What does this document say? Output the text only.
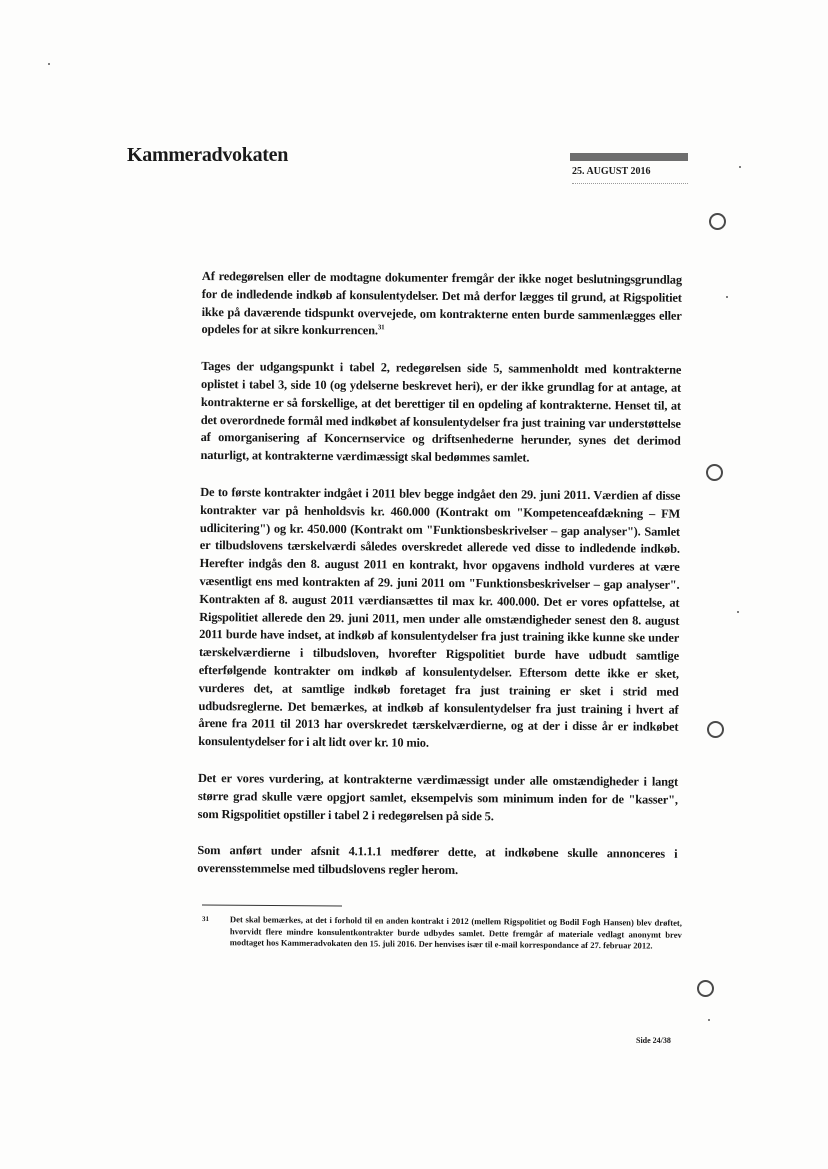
Kammeradvokaten
25. AUGUST 2016

Af redegørelsen eller de modtagne dokumenter fremgår der ikke noget beslutningsgrundlag for de indledende indkøb af konsulentydelser. Det må derfor lægges til grund, at Rigspolitiet ikke på daværende tidspunkt overvejede, om kontrakterne enten burde sammenlægges eller opdeles for at sikre konkurrencen.$^{31}$

Tages der udgangspunkt i tabel 2, redegørelsen side 5, sammenholdt med kontrakterne oplistet i tabel 3, side 10 (og ydelserne beskrevet heri), er der ikke grundlag for at antage, at kontrakterne er så forskellige, at det berettiger til en opdeling af kontrakterne. Henset til, at det overordnede formål med indkøbet af konsulentydelser fra just training var understøttelse af omorganisering af Koncernservice og driftsenhederne herunder, synes det derimod naturligt, at kontrakterne værdimæssigt skal bedømmes samlet.

De to første kontrakter indgået i 2011 blev begge indgået den 29. juni 2011. Værdien af disse kontrakter var på henholdsvis kr. 460.000 (Kontrakt om "Kompetenceafdækning – FM udlicitering") og kr. 450.000 (Kontrakt om "Funktionsbeskrivelser – gap analyser"). Samlet er tilbudslovens tærskelværdi således overskredet allerede ved disse to indledende indkøb. Herefter indgås den 8. august 2011 en kontrakt, hvor opgavens indhold vurderes at være væsentligt ens med kontrakten af 29. juni 2011 om "Funktionsbeskrivelser – gap analyser". Kontrakten af 8. august 2011 værdiansættes til max kr. 400.000. Det er vores opfattelse, at Rigspolitiet allerede den 29. juni 2011, men under alle omstændigheder senest den 8. august 2011 burde have indset, at indkøb af konsulentydelser fra just training ikke kunne ske under tærskelværdierne i tilbudsloven, hvorefter Rigspolitiet burde have udbudt samtlige efterfølgende kontrakter om indkøb af konsulentydelser. Eftersom dette ikke er sket, vurderes det, at samtlige indkøb foretaget fra just training er sket i strid med udbudsreglerne. Det bemærkes, at indkøb af konsulentydelser fra just training i hvert af årene fra 2011 til 2013 har overskredet tærskelværdierne, og at der i disse år er indkøbet konsulentydelser for i alt lidt over kr. 10 mio.

Det er vores vurdering, at kontrakterne værdimæssigt under alle omstændigheder i langt større grad skulle være opgjort samlet, eksempelvis som minimum inden for de "kasser", som Rigspolitiet opstiller i tabel 2 i redegørelsen på side 5.

Som anført under afsnit 4.1.1.1 medfører dette, at indkøbene skulle annonceres i overensstemmelse med tilbudslovens regler herom.

31	Det skal bemærkes, at det i forhold til en anden kontrakt i 2012 (mellem Rigspolitiet og Bodil Fogh Hansen) blev drøftet, hvorvidt flere mindre konsulentkontrakter burde udbydes samlet. Dette fremgår af materiale vedlagt anonymt brev modtaget hos Kammeradvokaten den 15. juli 2016. Der henvises især til e-mail korrespondance af 27. februar 2012.
Side 24/38
